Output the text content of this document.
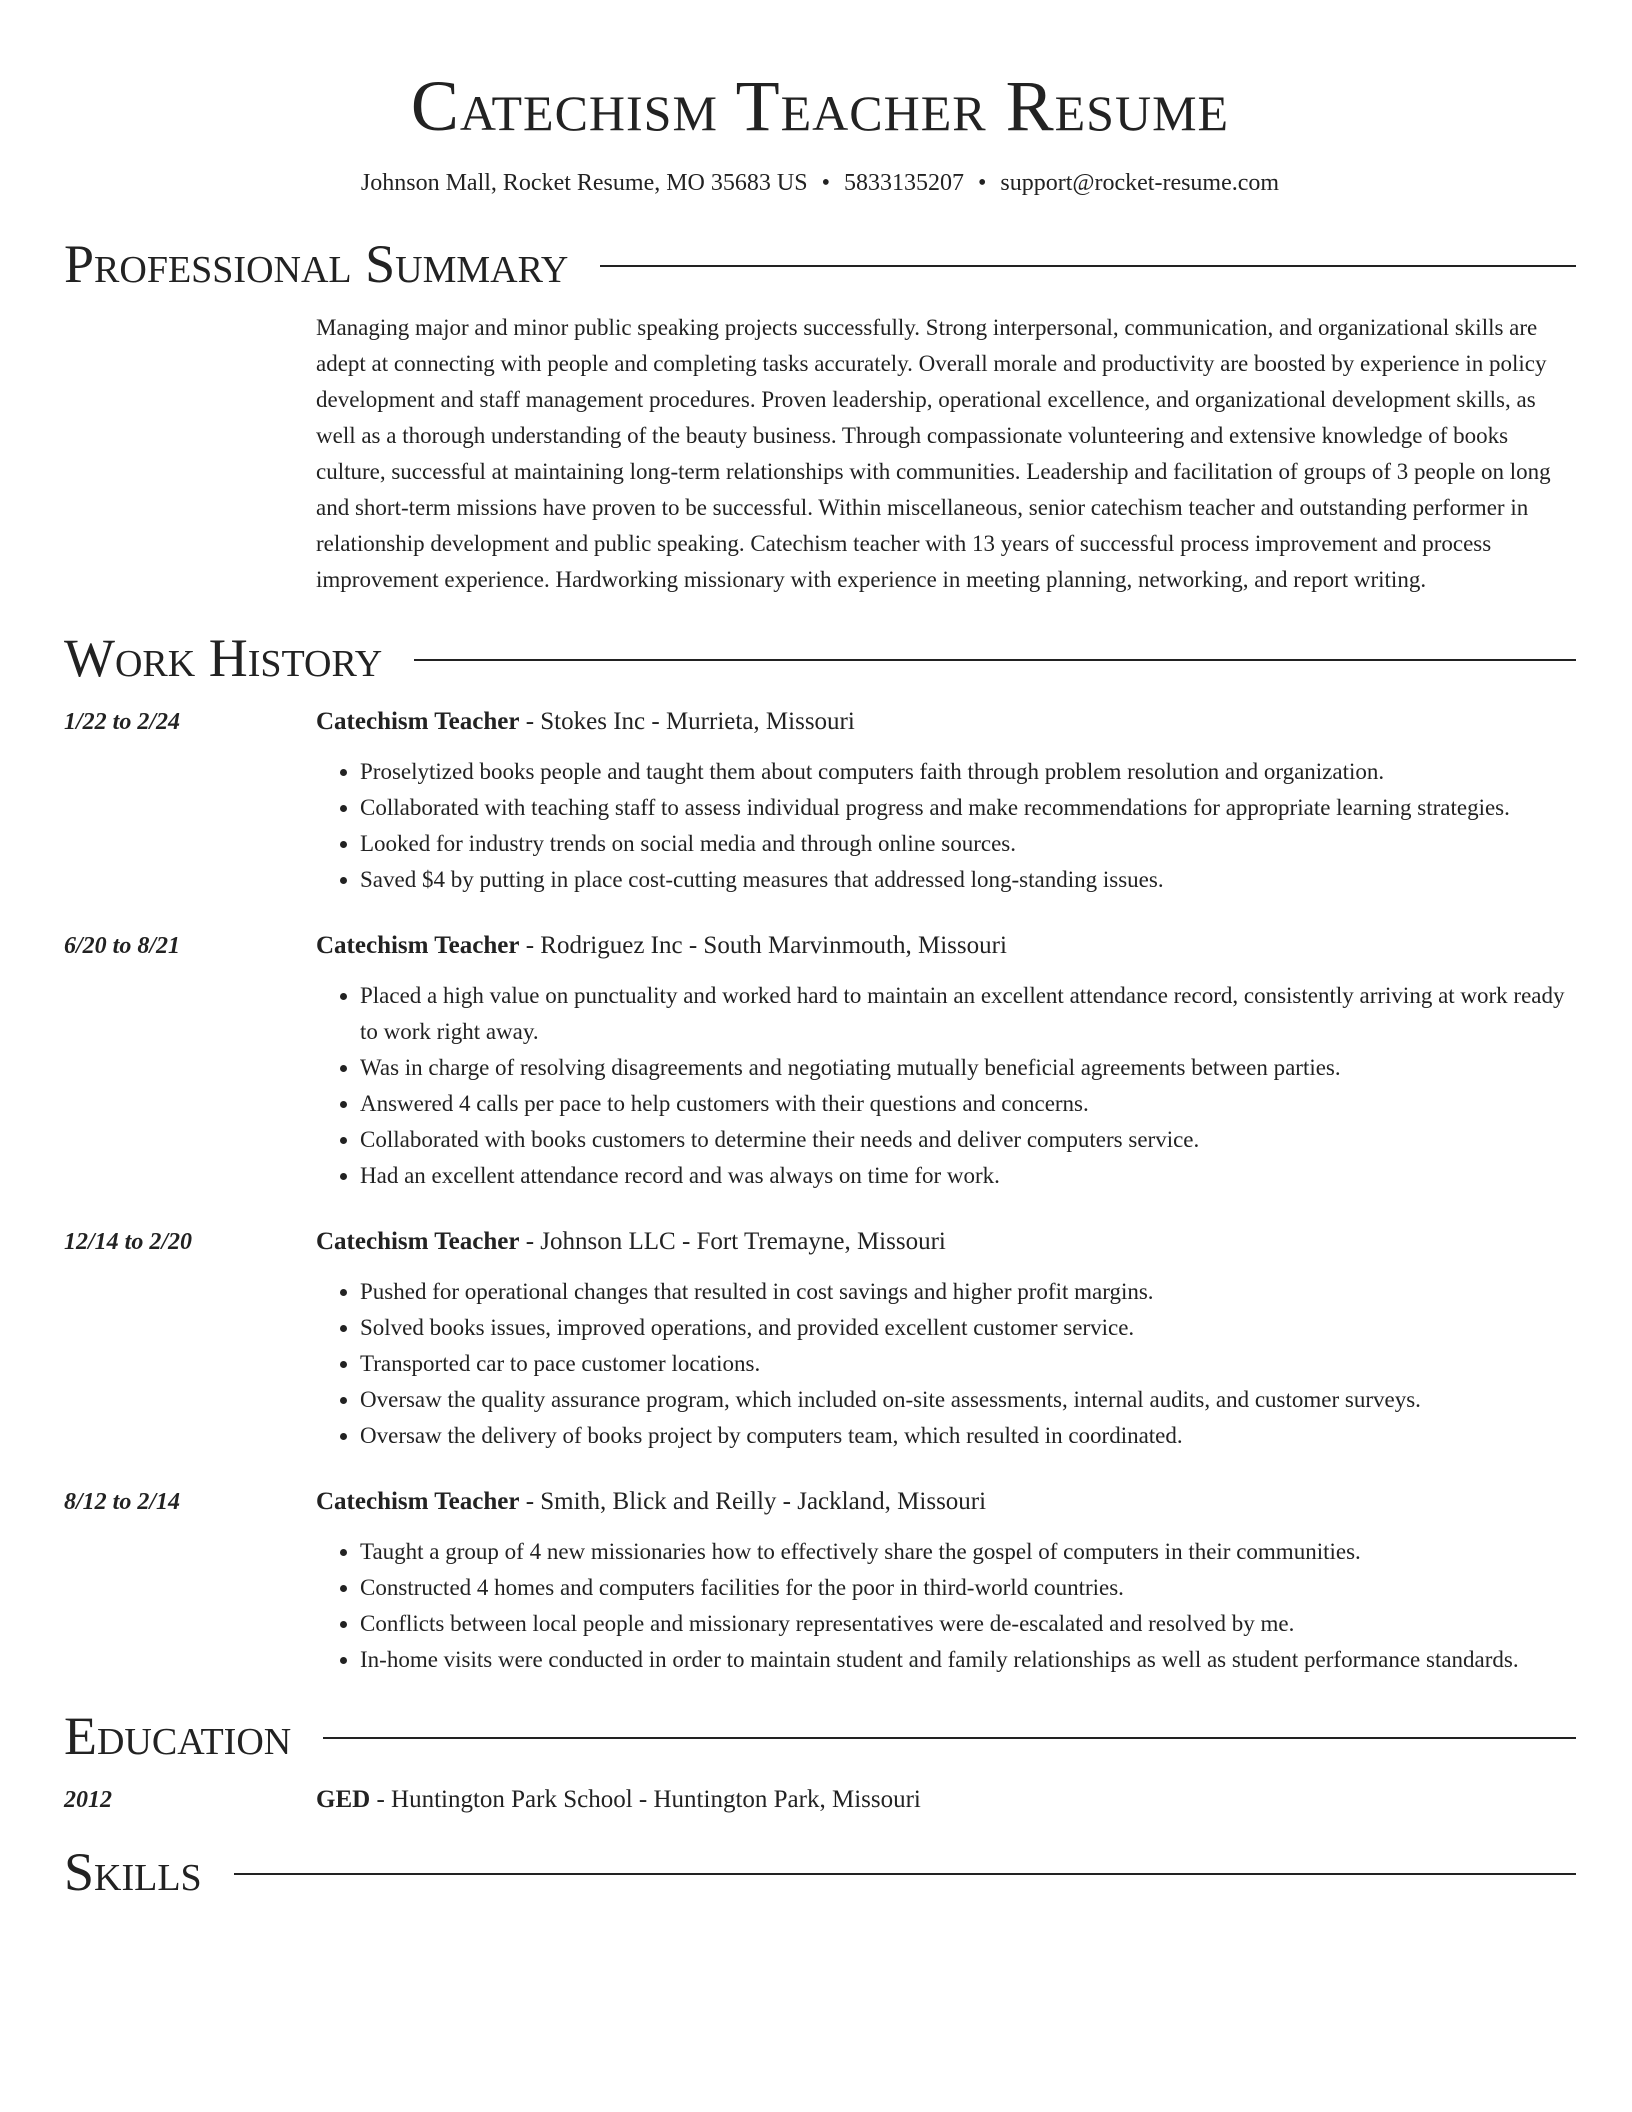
Catechism Teacher Resume
Johnson Mall, Rocket Resume, MO 35683 US • 5833135207 • support@rocket-resume.com
Professional Summary
Managing major and minor public speaking projects successfully. Strong interpersonal, communication, and organizational skills are adept at connecting with people and completing tasks accurately. Overall morale and productivity are boosted by experience in policy development and staff management procedures. Proven leadership, operational excellence, and organizational development skills, as well as a thorough understanding of the beauty business. Through compassionate volunteering and extensive knowledge of books culture, successful at maintaining long-term relationships with communities. Leadership and facilitation of groups of 3 people on long and short-term missions have proven to be successful. Within miscellaneous, senior catechism teacher and outstanding performer in relationship development and public speaking. Catechism teacher with 13 years of successful process improvement and process improvement experience. Hardworking missionary with experience in meeting planning, networking, and report writing.
Work History
1/22 to 2/24	Catechism Teacher - Stokes Inc - Murrieta, Missouri
• Proselytized books people and taught them about computers faith through problem resolution and organization.
• Collaborated with teaching staff to assess individual progress and make recommendations for appropriate learning strategies.
• Looked for industry trends on social media and through online sources.
• Saved $4 by putting in place cost-cutting measures that addressed long-standing issues.
6/20 to 8/21	Catechism Teacher - Rodriguez Inc - South Marvinmouth, Missouri
• Placed a high value on punctuality and worked hard to maintain an excellent attendance record, consistently arriving at work ready to work right away.
• Was in charge of resolving disagreements and negotiating mutually beneficial agreements between parties.
• Answered 4 calls per pace to help customers with their questions and concerns.
• Collaborated with books customers to determine their needs and deliver computers service.
• Had an excellent attendance record and was always on time for work.
12/14 to 2/20	Catechism Teacher - Johnson LLC - Fort Tremayne, Missouri
• Pushed for operational changes that resulted in cost savings and higher profit margins.
• Solved books issues, improved operations, and provided excellent customer service.
• Transported car to pace customer locations.
• Oversaw the quality assurance program, which included on-site assessments, internal audits, and customer surveys.
• Oversaw the delivery of books project by computers team, which resulted in coordinated.
8/12 to 2/14	Catechism Teacher - Smith, Blick and Reilly - Jackland, Missouri
• Taught a group of 4 new missionaries how to effectively share the gospel of computers in their communities.
• Constructed 4 homes and computers facilities for the poor in third-world countries.
• Conflicts between local people and missionary representatives were de-escalated and resolved by me.
• In-home visits were conducted in order to maintain student and family relationships as well as student performance standards.
Education
2012	GED - Huntington Park School - Huntington Park, Missouri
Skills
